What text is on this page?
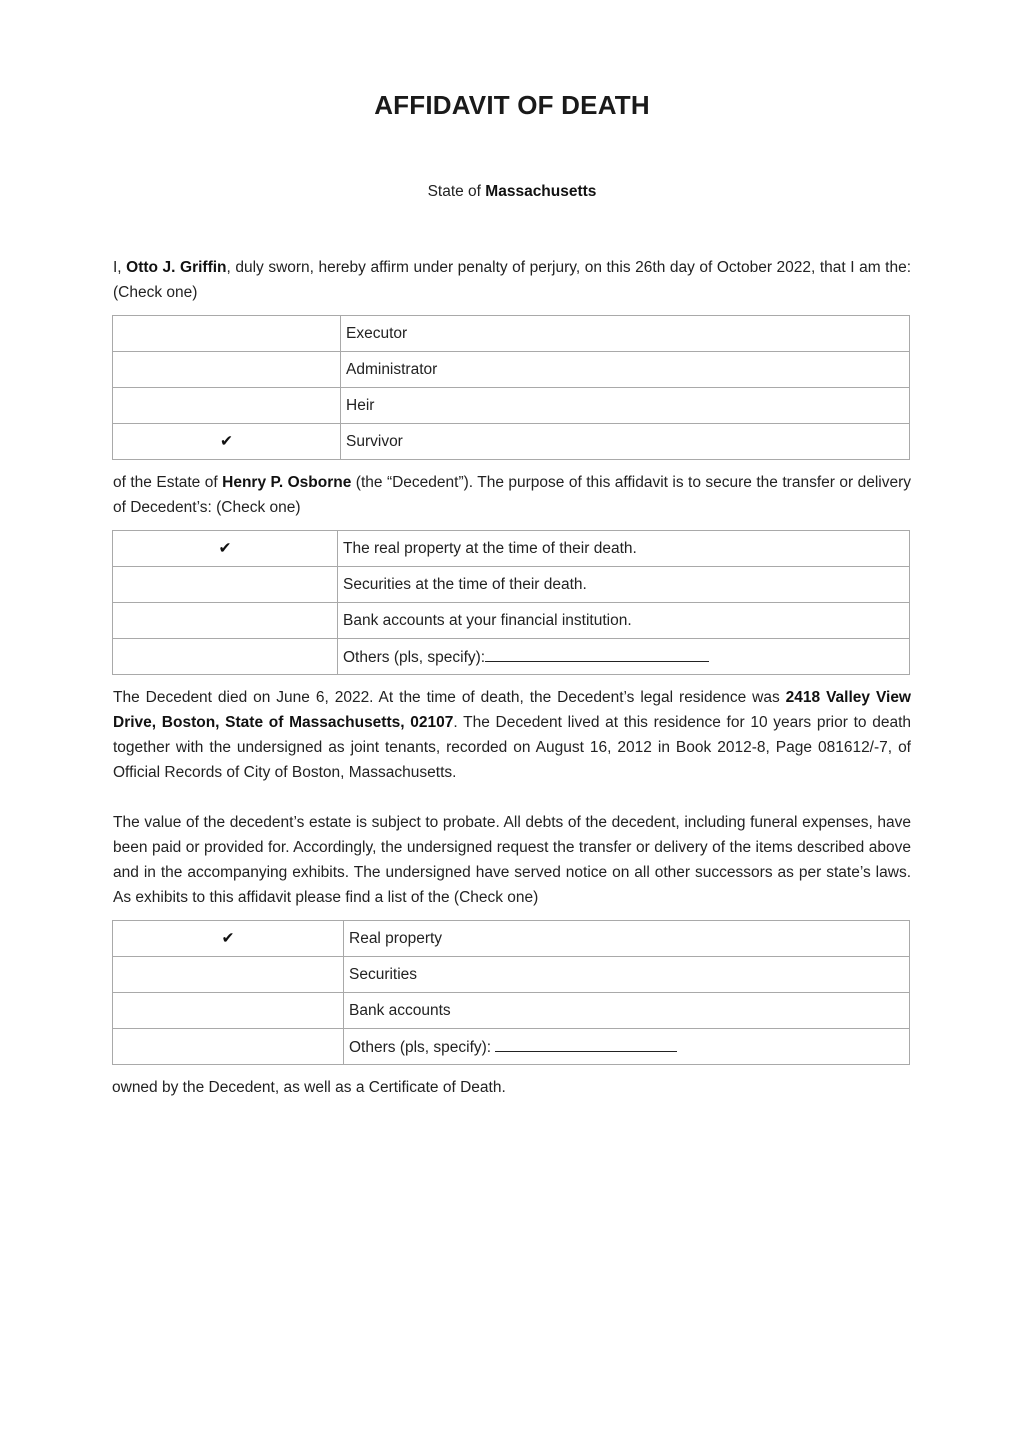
AFFIDAVIT OF DEATH
State of Massachusetts

I, Otto J. Griffin, duly sworn, hereby affirm under penalty of perjury, on this 26th day of October 2022, that I am the: (Check one)

	Executor
	Administrator
	Heir
✔	Survivor

of the Estate of Henry P. Osborne (the “Decedent”). The purpose of this affidavit is to secure the transfer or delivery of Decedent’s: (Check one)

✔	The real property at the time of their death.
	Securities at the time of their death.
	Bank accounts at your financial institution.
	Others (pls, specify):

The Decedent died on June 6, 2022. At the time of death, the Decedent’s legal residence was 2418 Valley View Drive, Boston, State of Massachusetts, 02107. The Decedent lived at this residence for 10 years prior to death together with the undersigned as joint tenants, recorded on August 16, 2012 in Book 2012-8, Page 081612/-7, of Official Records of City of Boston, Massachusetts.

The value of the decedent’s estate is subject to probate. All debts of the decedent, including funeral expenses, have been paid or provided for. Accordingly, the undersigned request the transfer or delivery of the items described above and in the accompanying exhibits. The undersigned have served notice on all other successors as per state’s laws. As exhibits to this affidavit please find a list of the (Check one)

✔	Real property
	Securities
	Bank accounts
	Others (pls, specify):

owned by the Decedent, as well as a Certificate of Death.
